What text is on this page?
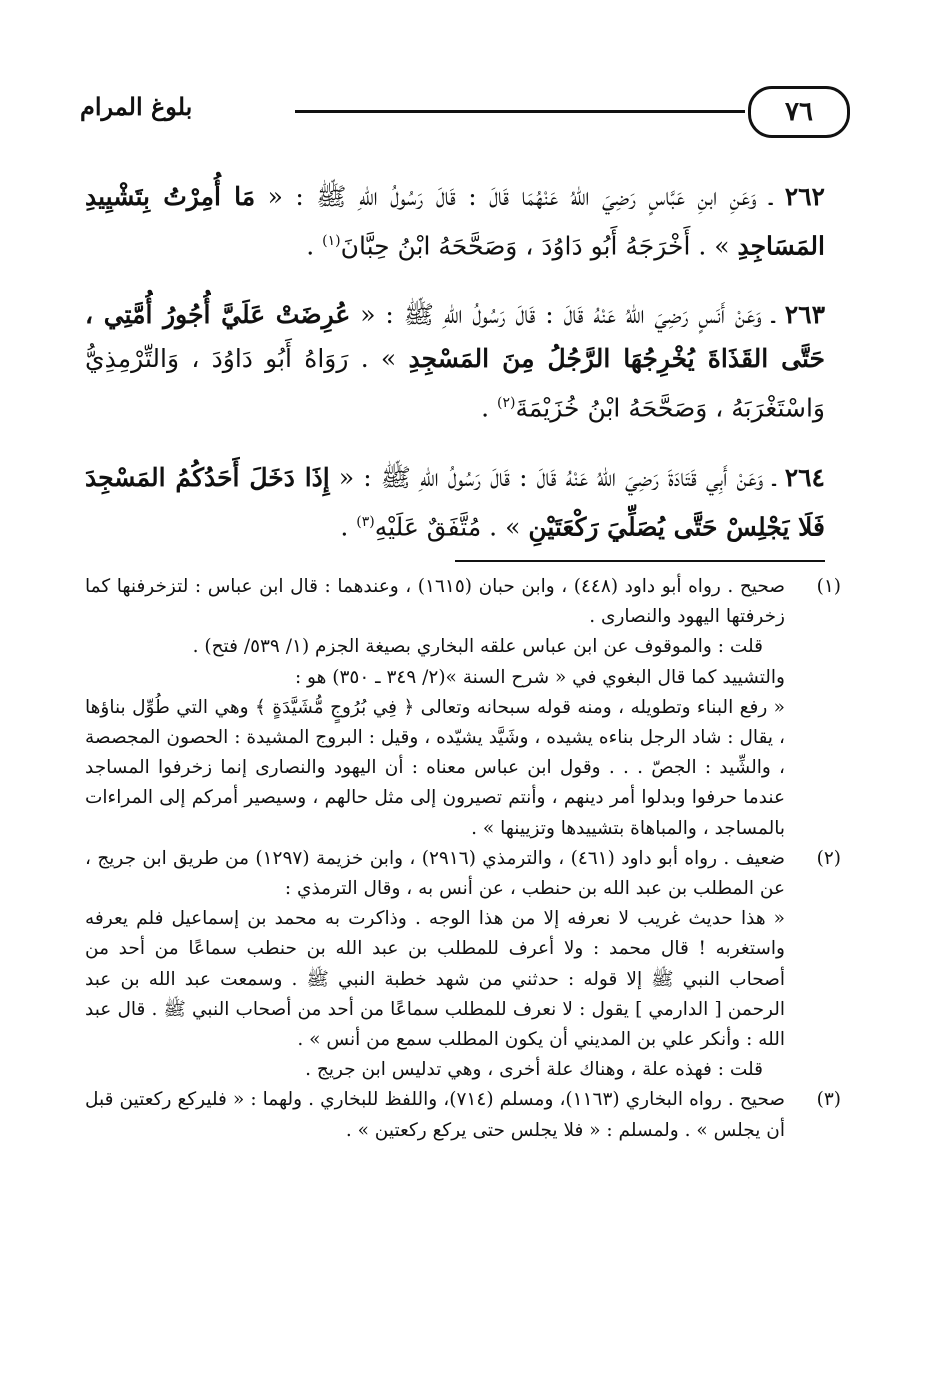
٧٦
بلوغ المرام

٢٦٢ ـ وَعَنِ ابنِ عَبَّاسٍ رَضِيَ اللهُ عَنْهُمَا قَالَ : قَالَ رَسُولُ اللهِ ﷺ : « مَا أُمِرْتُ بِتَشْيِيدِ المَسَاجِدِ » . أَخْرَجَهُ أَبُو دَاوُدَ ، وَصَحَّحَهُ ابْنُ حِبَّانَ$^{(١)}$ .

٢٦٣ ـ وَعَنْ أَنَسٍ رَضِيَ اللهُ عَنْهُ قَالَ : قَالَ رَسُولُ اللهِ ﷺ : « عُرِضَتْ عَلَيَّ أُجُورُ أُمَّتِي ، حَتَّى القَذَاةَ يُخْرِجُهَا الرَّجُلُ مِنَ المَسْجِدِ » . رَوَاهُ أَبُو دَاوُدَ ، وَالتِّرْمِذِيُّ وَاسْتَغْرَبَهُ ، وَصَحَّحَهُ ابْنُ خُزَيْمَةَ$^{(٢)}$ .

٢٦٤ ـ وَعَنْ أَبِي قَتَادَةَ رَضِيَ اللهُ عَنْهُ قَالَ : قَالَ رَسُولُ اللهِ ﷺ : « إِذَا دَخَلَ أَحَدُكُمُ المَسْجِدَ فَلَا يَجْلِسْ حَتَّى يُصَلِّيَ رَكْعَتَيْنِ » . مُتَّفَقٌ عَلَيْهِ$^{(٣)}$ .

(١)
صحيح . رواه أبو داود (٤٤٨) ، وابن حبان (١٦١٥) ، وعندهما : قال ابن عباس : لتزخرفنها كما زخرفتها اليهود والنصارى .
قلت : والموقوف عن ابن عباس علقه البخاري بصيغة الجزم (١/ ٥٣٩/ فتح) .
والتشييد كما قال البغوي في « شرح السنة »(٢/ ٣٤٩ ـ ٣٥٠) هو :
« رفع البناء وتطويله ، ومنه قوله سبحانه وتعالى ﴿ فِي بُرُوجٍ مُّشَيَّدَةٍ ﴾ وهي التي طُوِّل بناؤها ، يقال : شاد الرجل بناءه يشيده ، وشَيَّد يشيّده ، وقيل : البروج المشيدة : الحصون المجصصة ، والشِّيد : الجصّ . . . وقول ابن عباس معناه : أن اليهود والنصارى إنما زخرفوا المساجد عندما حرفوا وبدلوا أمر دينهم ، وأنتم تصيرون إلى مثل حالهم ، وسيصير أمركم إلى المراءات بالمساجد ، والمباهاة بتشييدها وتزيينها » .
(٢)
ضعيف . رواه أبو داود (٤٦١) ، والترمذي (٢٩١٦) ، وابن خزيمة (١٢٩٧) من طريق ابن جريج ، عن المطلب بن عبد الله بن حنطب ، عن أنس به ، وقال الترمذي :
« هذا حديث غريب لا نعرفه إلا من هذا الوجه . وذاكرت به محمد بن إسماعيل فلم يعرفه واستغربه ! قال محمد : ولا أعرف للمطلب بن عبد الله بن حنطب سماعًا من أحد من أصحاب النبي ﷺ إلا قوله : حدثني من شهد خطبة النبي ﷺ . وسمعت عبد الله بن عبد الرحمن [ الدارمي ] يقول : لا نعرف للمطلب سماعًا من أحد من أصحاب النبي ﷺ . قال عبد الله : وأنكر علي بن المديني أن يكون المطلب سمع من أنس » .
قلت : فهذه علة ، وهناك علة أخرى ، وهي تدليس ابن جريج .
(٣)
صحيح . رواه البخاري (١١٦٣)، ومسلم (٧١٤)، واللفظ للبخاري . ولهما : « فليركع ركعتين قبل أن يجلس » . ولمسلم : « فلا يجلس حتى يركع ركعتين » .
